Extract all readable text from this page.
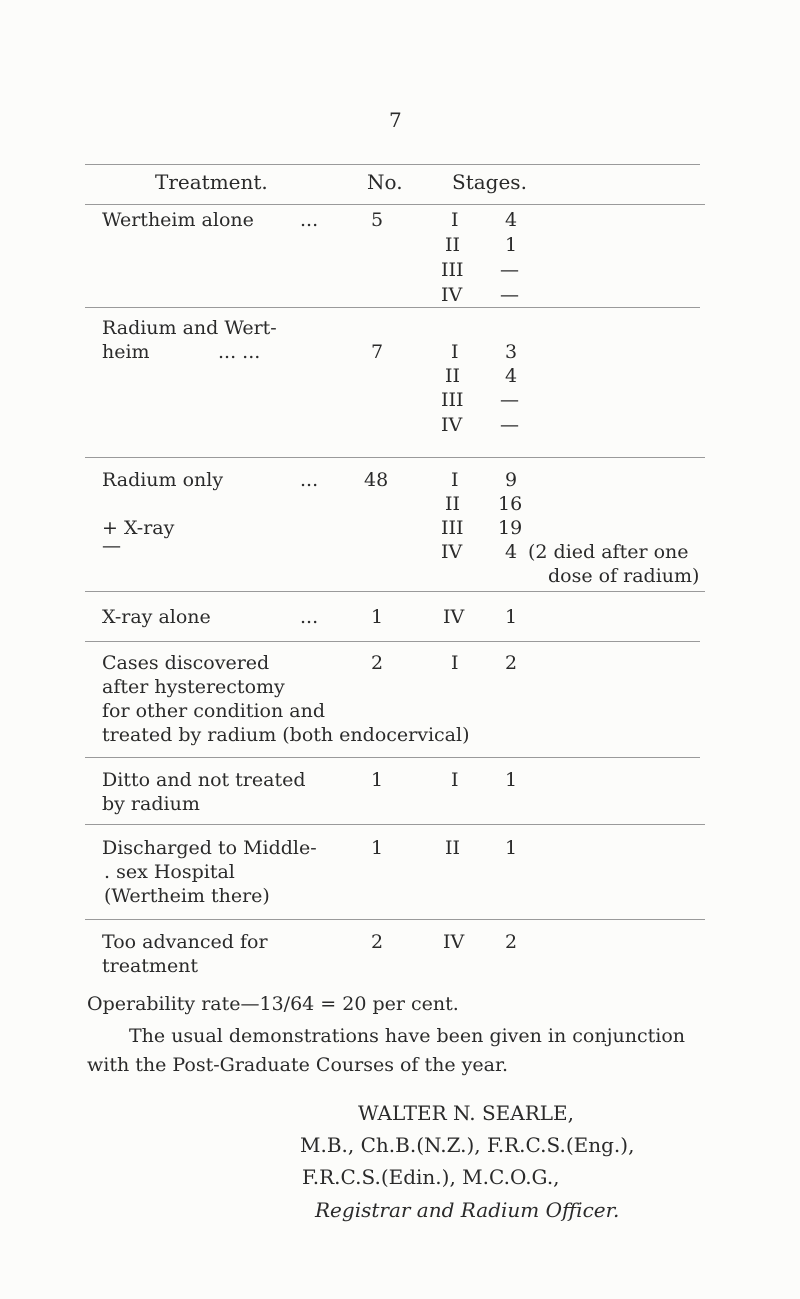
7
Treatment.	No. Stages.
Wertheim alone ...	5	I 4
II 1
III —
IV —
Radium and Wert-
heim	... ...	7	I 3
II 4
III —
IV —
Radium only	... 48	I 9
II 16
+ X-ray	III 19
—	IV 4 (2 died after one
dose of radium)
X-ray alone	...	1	IV 1
Cases discovered	2	I 2
after hysterectomy
for other condition and
treated by radium (both endocervical)
Ditto and not treated	1	I 1
by radium
Discharged to Middle-	1	II 1
. sex Hospital
(Wertheim there)
Too advanced for	2	IV 2
treatment
Operability rate—13/64 = 20 per cent.
The usual demonstrations have been given in conjunction
with the Post-Graduate Courses of the year.
WALTER N. SEARLE,
M.B., Ch.B.(N.Z.), F.R.C.S.(Eng.),
F.R.C.S.(Edin.), M.C.O.G.,
Registrar and Radium Officer.
